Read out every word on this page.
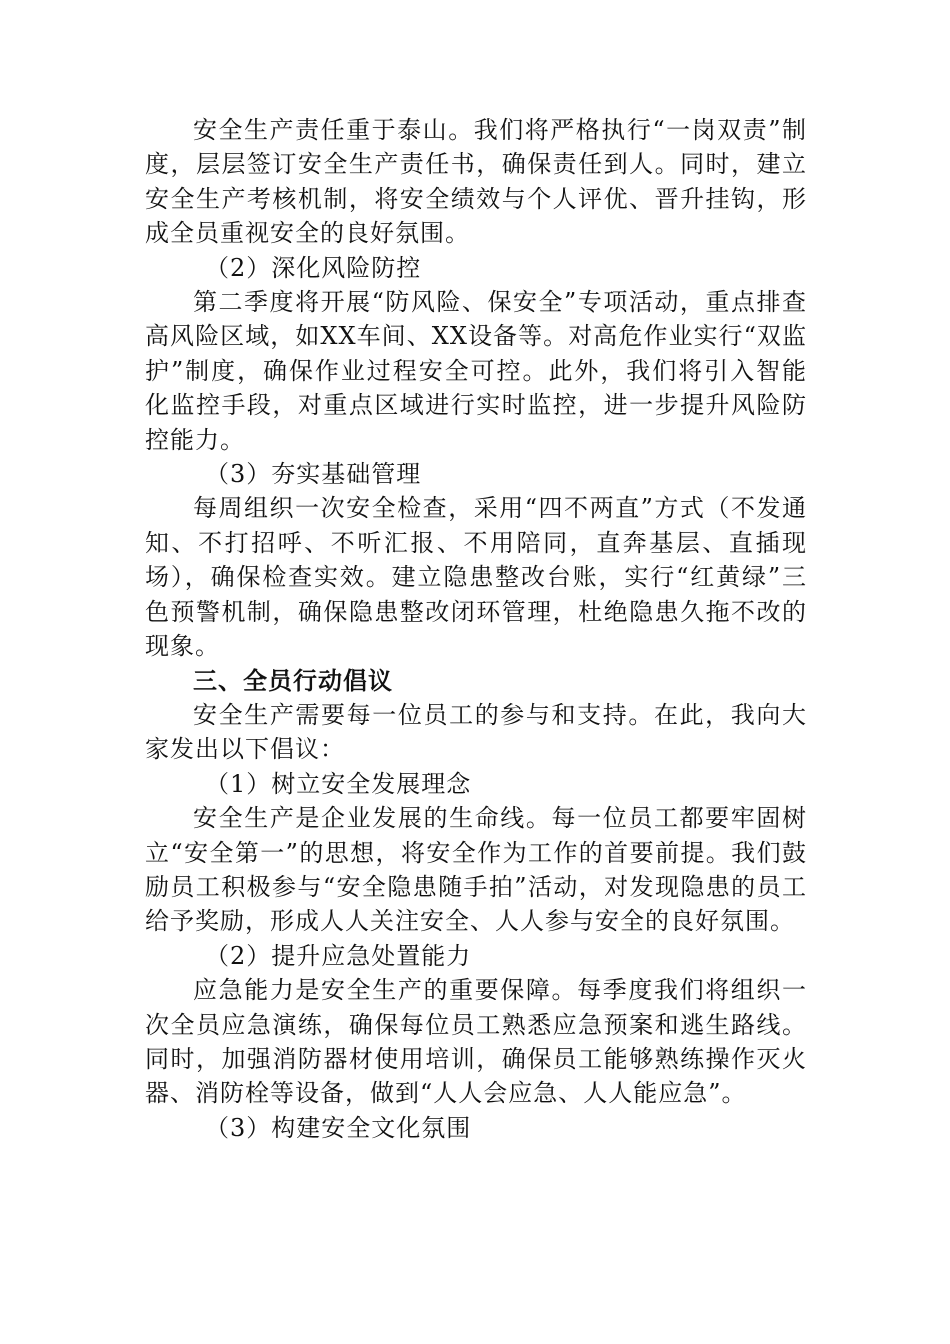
安全生产责任重于泰山。我们将严格执行“一岗双责”制度，层层签订安全生产责任书，确保责任到人。同时，建立安全生产考核机制，将安全绩效与个人评优、晋升挂钩，形成全员重视安全的良好氛围。

（2）深化风险防控

第二季度将开展“防风险、保安全”专项活动，重点排查高风险区域，如XX车间、XX设备等。对高危作业实行“双监护”制度，确保作业过程安全可控。此外，我们将引入智能化监控手段，对重点区域进行实时监控，进一步提升风险防控能力。

（3）夯实基础管理

每周组织一次安全检查，采用“四不两直”方式（不发通知、不打招呼、不听汇报、不用陪同，直奔基层、直插现场），确保检查实效。建立隐患整改台账，实行“红黄绿”三色预警机制，确保隐患整改闭环管理，杜绝隐患久拖不改的现象。

三、全员行动倡议

安全生产需要每一位员工的参与和支持。在此，我向大家发出以下倡议：

（1）树立安全发展理念

安全生产是企业发展的生命线。每一位员工都要牢固树立“安全第一”的思想，将安全作为工作的首要前提。我们鼓励员工积极参与“安全隐患随手拍”活动，对发现隐患的员工给予奖励，形成人人关注安全、人人参与安全的良好氛围。

（2）提升应急处置能力

应急能力是安全生产的重要保障。每季度我们将组织一次全员应急演练，确保每位员工熟悉应急预案和逃生路线。同时，加强消防器材使用培训，确保员工能够熟练操作灭火器、消防栓等设备，做到“人人会应急、人人能应急”。

（3）构建安全文化氛围
